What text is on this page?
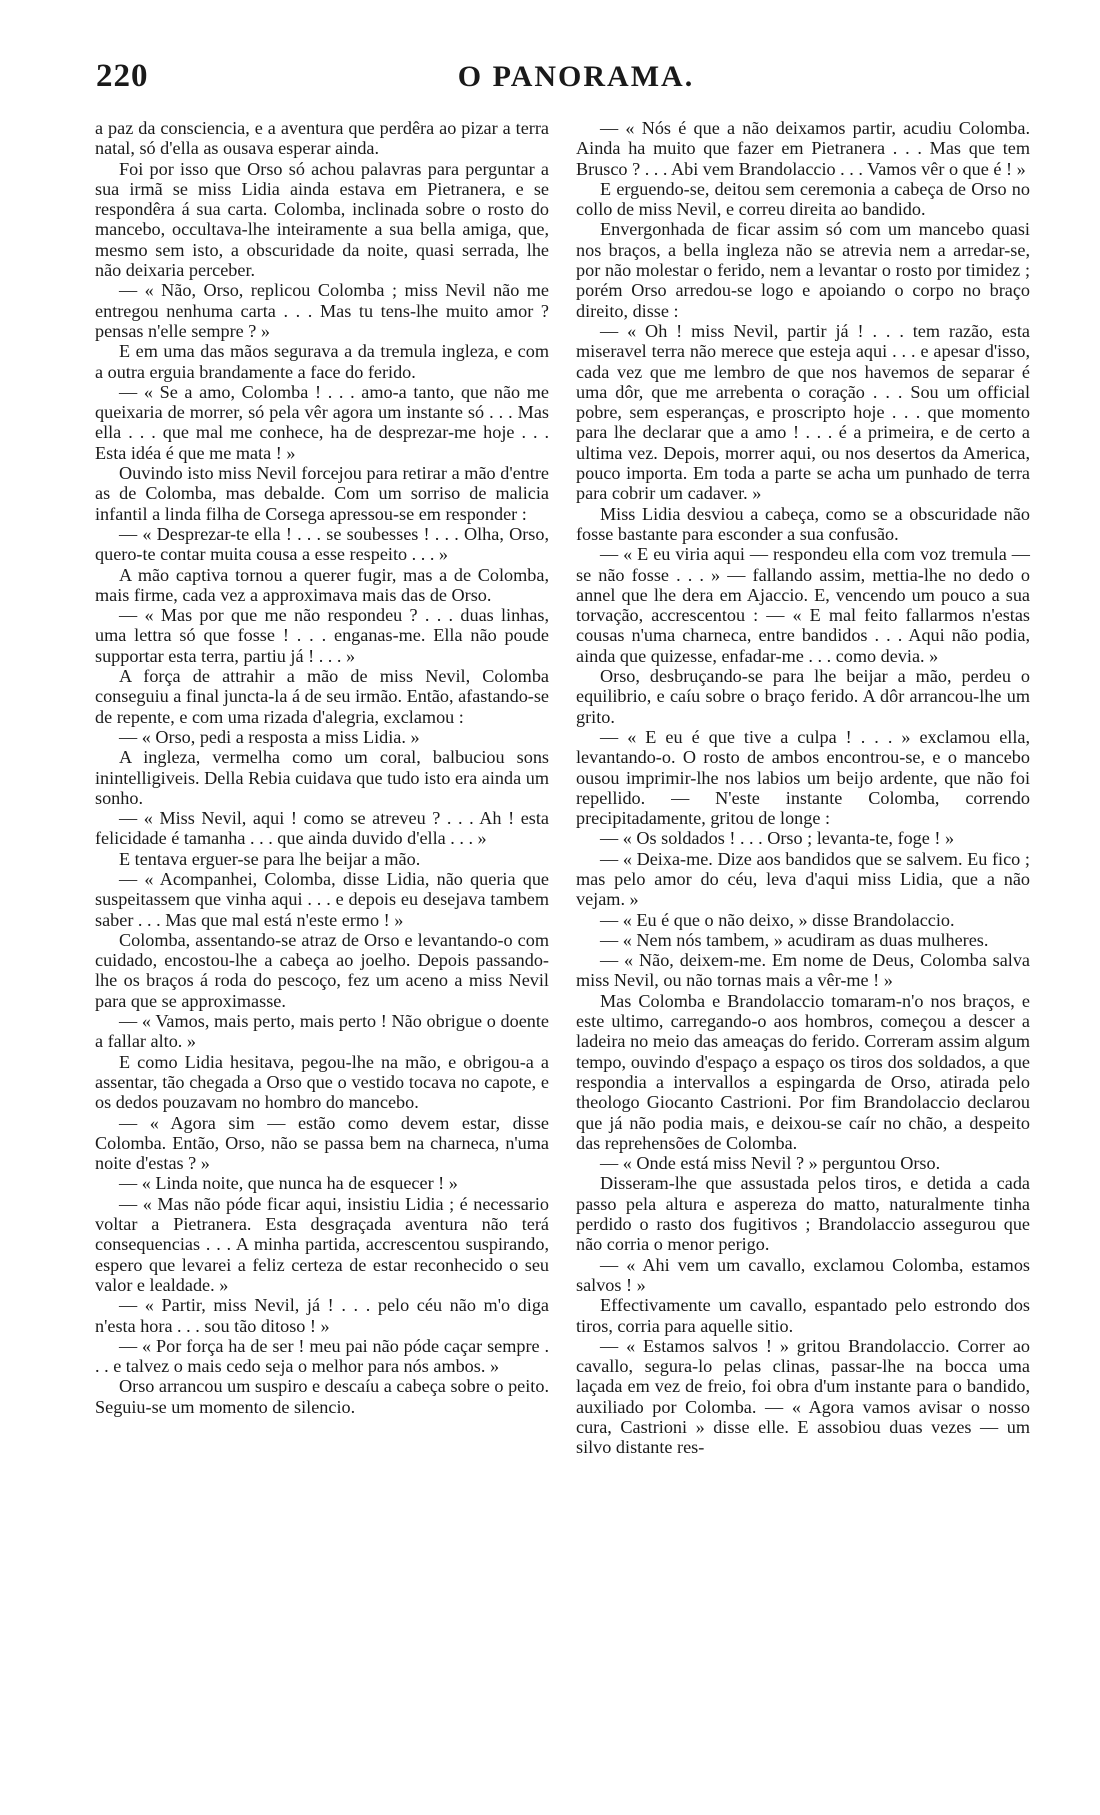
220	O PANORAMA.

a paz da consciencia, e a aventura que perdêra ao pizar a terra natal, só d'ella as ousava esperar ainda.

Foi por isso que Orso só achou palavras para perguntar a sua irmã se miss Lidia ainda estava em Pietranera, e se respondêra á sua carta. Colomba, inclinada sobre o rosto do mancebo, occultava-lhe inteiramente a sua bella amiga, que, mesmo sem isto, a obscuridade da noite, quasi serrada, lhe não deixaria perceber.

— « Não, Orso, replicou Colomba ; miss Nevil não me entregou nenhuma carta . . . Mas tu tens-lhe muito amor ? pensas n'elle sempre ? »

E em uma das mãos segurava a da tremula ingleza, e com a outra erguia brandamente a face do ferido.

— « Se a amo, Colomba ! . . . amo-a tanto, que não me queixaria de morrer, só pela vêr agora um instante só . . . Mas ella . . . que mal me conhece, ha de desprezar-me hoje . . . Esta idéa é que me mata ! »

Ouvindo isto miss Nevil forcejou para retirar a mão d'entre as de Colomba, mas debalde. Com um sorriso de malicia infantil a linda filha de Corsega apressou-se em responder :

— « Desprezar-te ella ! . . . se soubesses ! . . . Olha, Orso, quero-te contar muita cousa a esse respeito . . . »

A mão captiva tornou a querer fugir, mas a de Colomba, mais firme, cada vez a approximava mais das de Orso.

— « Mas por que me não respondeu ? . . . duas linhas, uma lettra só que fosse ! . . . enganas-me. Ella não poude supportar esta terra, partiu já ! . . . »

A força de attrahir a mão de miss Nevil, Colomba conseguiu a final juncta-la á de seu irmão. Então, afastando-se de repente, e com uma rizada d'alegria, exclamou :

— « Orso, pedi a resposta a miss Lidia. »

A ingleza, vermelha como um coral, balbuciou sons inintelligiveis. Della Rebia cuidava que tudo isto era ainda um sonho.

— « Miss Nevil, aqui ! como se atreveu ? . . . Ah ! esta felicidade é tamanha . . . que ainda duvido d'ella . . . »

E tentava erguer-se para lhe beijar a mão.

— « Acompanhei, Colomba, disse Lidia, não queria que suspeitassem que vinha aqui . . . e depois eu desejava tambem saber . . . Mas que mal está n'este ermo ! »

Colomba, assentando-se atraz de Orso e levantando-o com cuidado, encostou-lhe a cabeça ao joelho. Depois passando-lhe os braços á roda do pescoço, fez um aceno a miss Nevil para que se approximasse.

— « Vamos, mais perto, mais perto ! Não obrigue o doente a fallar alto. »

E como Lidia hesitava, pegou-lhe na mão, e obrigou-a a assentar, tão chegada a Orso que o vestido tocava no capote, e os dedos pouzavam no hombro do mancebo.

— « Agora sim — estão como devem estar, disse Colomba. Então, Orso, não se passa bem na charneca, n'uma noite d'estas ? »

— « Linda noite, que nunca ha de esquecer ! »

— « Mas não póde ficar aqui, insistiu Lidia ; é necessario voltar a Pietranera. Esta desgraçada aventura não terá consequencias . . . A minha partida, accrescentou suspirando, espero que levarei a feliz certeza de estar reconhecido o seu valor e lealdade. »

— « Partir, miss Nevil, já ! . . . pelo céu não m'o diga n'esta hora . . . sou tão ditoso ! »

— « Por força ha de ser ! meu pai não póde caçar sempre . . . e talvez o mais cedo seja o melhor para nós ambos. »

Orso arrancou um suspiro e descaíu a cabeça sobre o peito. Seguiu-se um momento de silencio.

— « Nós é que a não deixamos partir, acudiu Colomba. Ainda ha muito que fazer em Pietranera . . . Mas que tem Brusco ? . . . Abi vem Brandolaccio . . . Vamos vêr o que é ! »

E erguendo-se, deitou sem ceremonia a cabeça de Orso no collo de miss Nevil, e correu direita ao bandido.

Envergonhada de ficar assim só com um mancebo quasi nos braços, a bella ingleza não se atrevia nem a arredar-se, por não molestar o ferido, nem a levantar o rosto por timidez ; porém Orso arredou-se logo e apoiando o corpo no braço direito, disse :

— « Oh ! miss Nevil, partir já ! . . . tem razão, esta miseravel terra não merece que esteja aqui . . . e apesar d'isso, cada vez que me lembro de que nos havemos de separar é uma dôr, que me arrebenta o coração . . . Sou um official pobre, sem esperanças, e proscripto hoje . . . que momento para lhe declarar que a amo ! . . . é a primeira, e de certo a ultima vez. Depois, morrer aqui, ou nos desertos da America, pouco importa. Em toda a parte se acha um punhado de terra para cobrir um cadaver. »

Miss Lidia desviou a cabeça, como se a obscuridade não fosse bastante para esconder a sua confusão.

— « E eu viria aqui — respondeu ella com voz tremula — se não fosse . . . » — fallando assim, mettia-lhe no dedo o annel que lhe dera em Ajaccio. E, vencendo um pouco a sua torvação, accrescentou : — « E mal feito fallarmos n'estas cousas n'uma charneca, entre bandidos . . . Aqui não podia, ainda que quizesse, enfadar-me . . . como devia. »

Orso, desbruçando-se para lhe beijar a mão, perdeu o equilibrio, e caíu sobre o braço ferido. A dôr arrancou-lhe um grito.

— « E eu é que tive a culpa ! . . . » exclamou ella, levantando-o. O rosto de ambos encontrou-se, e o mancebo ousou imprimir-lhe nos labios um beijo ardente, que não foi repellido. — N'este instante Colomba, correndo precipitadamente, gritou de longe :

— « Os soldados ! . . . Orso ; levanta-te, foge ! »

— « Deixa-me. Dize aos bandidos que se salvem. Eu fico ; mas pelo amor do céu, leva d'aqui miss Lidia, que a não vejam. »

— « Eu é que o não deixo, » disse Brandolaccio.

— « Nem nós tambem, » acudiram as duas mulheres.

— « Não, deixem-me. Em nome de Deus, Colomba salva miss Nevil, ou não tornas mais a vêr-me ! »

Mas Colomba e Brandolaccio tomaram-n'o nos braços, e este ultimo, carregando-o aos hombros, começou a descer a ladeira no meio das ameaças do ferido. Correram assim algum tempo, ouvindo d'espaço a espaço os tiros dos soldados, a que respondia a intervallos a espingarda de Orso, atirada pelo theologo Giocanto Castrioni. Por fim Brandolaccio declarou que já não podia mais, e deixou-se caír no chão, a despeito das reprehensões de Colomba.

— « Onde está miss Nevil ? » perguntou Orso.

Disseram-lhe que assustada pelos tiros, e detida a cada passo pela altura e aspereza do matto, naturalmente tinha perdido o rasto dos fugitivos ; Brandolaccio assegurou que não corria o menor perigo.

— « Ahi vem um cavallo, exclamou Colomba, estamos salvos ! »

Effectivamente um cavallo, espantado pelo estrondo dos tiros, corria para aquelle sitio.

— « Estamos salvos ! » gritou Brandolaccio. Correr ao cavallo, segura-lo pelas clinas, passar-lhe na bocca uma laçada em vez de freio, foi obra d'um instante para o bandido, auxiliado por Colomba. — « Agora vamos avisar o nosso cura, Castrioni » disse elle. E assobiou duas vezes — um silvo distante res-
